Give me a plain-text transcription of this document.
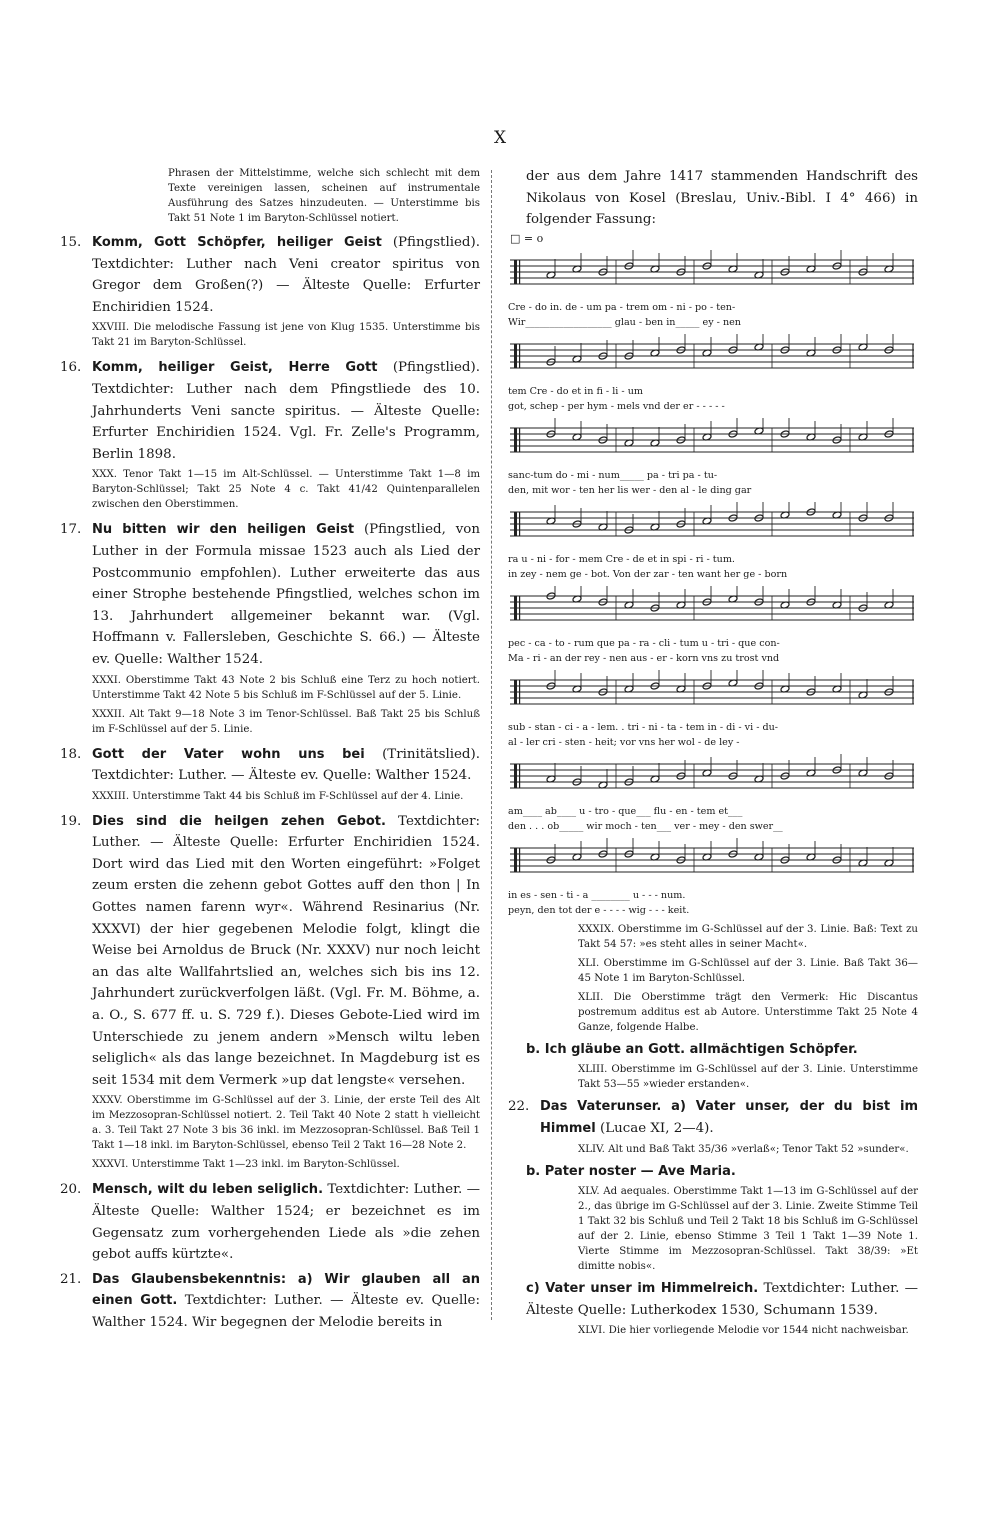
X

Phrasen der Mittelstimme, welche sich schlecht mit dem Texte vereinigen lassen, scheinen auf instrumentale Ausführung des Satzes hinzudeuten. — Unterstimme bis Takt 51 Note 1 im Baryton-Schlüssel notiert.

15. Komm, Gott Schöpfer, heiliger Geist (Pfingstlied). Textdichter: Luther nach Veni creator spiritus von Gregor dem Großen(?) — Älteste Quelle: Erfurter Enchiridien 1524.

XXVIII. Die melodische Fassung ist jene von Klug 1535. Unterstimme bis Takt 21 im Baryton-Schlüssel.

16. Komm, heiliger Geist, Herre Gott (Pfingstlied). Textdichter: Luther nach dem Pfingstliede des 10. Jahrhunderts Veni sancte spiritus. — Älteste Quelle: Erfurter Enchiridien 1524. Vgl. Fr. Zelle's Programm, Berlin 1898.

XXX. Tenor Takt 1—15 im Alt-Schlüssel. — Unterstimme Takt 1—8 im Baryton-Schlüssel; Takt 25 Note 4 c. Takt 41/42 Quintenparallelen zwischen den Oberstimmen.

17. Nu bitten wir den heiligen Geist (Pfingstlied, von Luther in der Formula missae 1523 auch als Lied der Postcommunio empfohlen). Luther erweiterte das aus einer Strophe bestehende Pfingstlied, welches schon im 13. Jahrhundert allgemeiner bekannt war. (Vgl. Hoffmann v. Fallersleben, Geschichte S. 66.) — Älteste ev. Quelle: Walther 1524.

XXXI. Oberstimme Takt 43 Note 2 bis Schluß eine Terz zu hoch notiert. Unterstimme Takt 42 Note 5 bis Schluß im F-Schlüssel auf der 5. Linie.

XXXII. Alt Takt 9—18 Note 3 im Tenor-Schlüssel. Baß Takt 25 bis Schluß im F-Schlüssel auf der 5. Linie.

18. Gott der Vater wohn uns bei (Trinitätslied). Textdichter: Luther. — Älteste ev. Quelle: Walther 1524.

XXXIII. Unterstimme Takt 44 bis Schluß im F-Schlüssel auf der 4. Linie.

19. Dies sind die heilgen zehen Gebot. Textdichter: Luther. — Älteste Quelle: Erfurter Enchiridien 1524. Dort wird das Lied mit den Worten eingeführt: »Folget zeum ersten die zehenn gebot Gottes auff den thon | In Gottes namen farenn wyr«. Während Resinarius (Nr. XXXVI) der hier gegebenen Melodie folgt, klingt die Weise bei Arnoldus de Bruck (Nr. XXXV) nur noch leicht an das alte Wallfahrtslied an, welches sich bis ins 12. Jahrhundert zurückverfolgen läßt. (Vgl. Fr. M. Böhme, a. a. O., S. 677 ff. u. S. 729 f.). Dieses Gebote-Lied wird im Unterschiede zu jenem andern »Mensch wiltu leben seliglich« als das lange bezeichnet. In Magdeburg ist es seit 1534 mit dem Vermerk »up dat lengste« versehen.

XXXV. Oberstimme im G-Schlüssel auf der 3. Linie, der erste Teil des Alt im Mezzosopran-Schlüssel notiert. 2. Teil Takt 40 Note 2 statt h vielleicht a. 3. Teil Takt 27 Note 3 bis 36 inkl. im Mezzosopran-Schlüssel. Baß Teil 1 Takt 1—18 inkl. im Baryton-Schlüssel, ebenso Teil 2 Takt 16—28 Note 2.

XXXVI. Unterstimme Takt 1—23 inkl. im Baryton-Schlüssel.

20. Mensch, wilt du leben seliglich. Textdichter: Luther. — Älteste Quelle: Walther 1524; er bezeichnet es im Gegensatz zum vorhergehenden Liede als »die zehen gebot auffs kürtzte«.

21. Das Glaubensbekenntnis: a) Wir glauben all an einen Gott. Textdichter: Luther. — Älteste ev. Quelle: Walther 1524. Wir begegnen der Melodie bereits in

der aus dem Jahre 1417 stammenden Handschrift des Nikolaus von Kosel (Breslau, Univ.-Bibl. I 4° 466) in folgender Fassung:

□ = o
Cre - do in. de - um pa - trem om - ni - po - ten-
Wir__________________ glau - ben in_____ ey - nen
tem Cre - do et in fi - li - um
got, schep - per hym - mels vnd der er - - - - -
sanc-tum do - mi - num_____ pa - tri pa - tu-
den, mit wor - ten her lis wer - den al - le ding gar
ra u - ni - for - mem Cre - de et in spi - ri - tum.
in zey - nem ge - bot. Von der zar - ten want her ge - born
pec - ca - to - rum que pa - ra - cli - tum u - tri - que con-
Ma - ri - an der rey - nen aus - er - korn vns zu trost vnd
sub - stan - ci - a - lem. . tri - ni - ta - tem in - di - vi - du-
al - ler cri - sten - heit; vor vns her wol - de ley -
am____ ab____ u - tro - que___ flu - en - tem et___
den . . . ob_____ wir moch - ten___ ver - mey - den swer__
in es - sen - ti - a ________ u - - - num.
peyn, den tot der e - - - - wig - - - keit.

XXXIX. Oberstimme im G-Schlüssel auf der 3. Linie. Baß: Text zu Takt 54 57: »es steht alles in seiner Macht«.

XLI. Oberstimme im G-Schlüssel auf der 3. Linie. Baß Takt 36—45 Note 1 im Baryton-Schlüssel.

XLII. Die Oberstimme trägt den Vermerk: Hic Discantus postremum additus est ab Autore. Unterstimme Takt 25 Note 4 Ganze, folgende Halbe.

b. Ich gläube an Gott. allmächtigen Schöpfer.

XLIII. Oberstimme im G-Schlüssel auf der 3. Linie. Unterstimme Takt 53—55 »wieder erstanden«.

22. Das Vaterunser. a) Vater unser, der du bist im Himmel (Lucae XI, 2—4).

XLIV. Alt und Baß Takt 35/36 »verlaß«; Tenor Takt 52 »sunder«.

b. Pater noster — Ave Maria.

XLV. Ad aequales. Oberstimme Takt 1—13 im G-Schlüssel auf der 2., das übrige im G-Schlüssel auf der 3. Linie. Zweite Stimme Teil 1 Takt 32 bis Schluß und Teil 2 Takt 18 bis Schluß im G-Schlüssel auf der 2. Linie, ebenso Stimme 3 Teil 1 Takt 1—39 Note 1. Vierte Stimme im Mezzosopran-Schlüssel. Takt 38/39: »Et dimitte nobis«.

c) Vater unser im Himmelreich. Textdichter: Luther. — Älteste Quelle: Lutherkodex 1530, Schumann 1539.

XLVI. Die hier vorliegende Melodie vor 1544 nicht nachweisbar.
